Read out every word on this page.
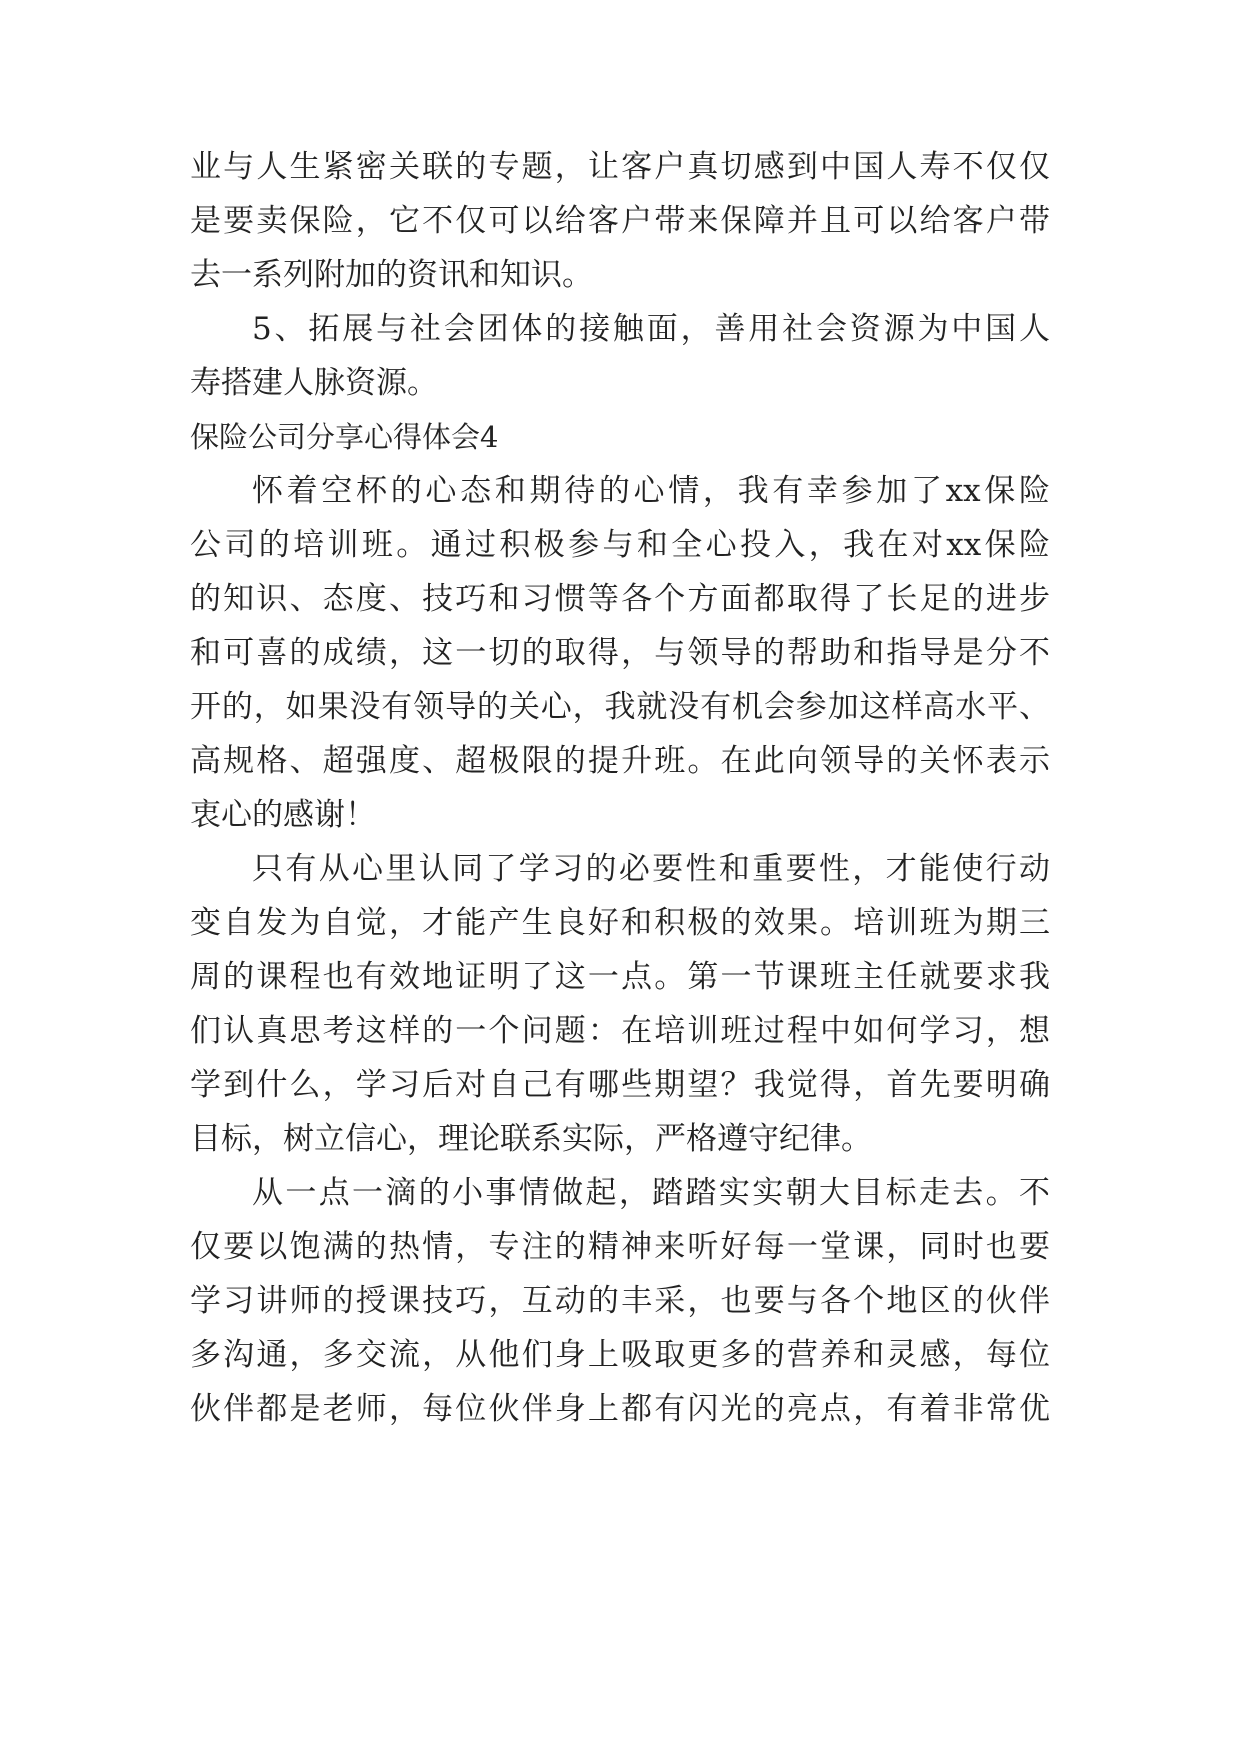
业与人生紧密关联的专题，让客户真切感到中国人寿不仅仅
是要卖保险，它不仅可以给客户带来保障并且可以给客户带
去一系列附加的资讯和知识。
5、拓展与社会团体的接触面，善用社会资源为中国人
寿搭建人脉资源。
保险公司分享心得体会4
怀着空杯的心态和期待的心情，我有幸参加了xx保险
公司的培训班。通过积极参与和全心投入，我在对xx保险
的知识、态度、技巧和习惯等各个方面都取得了长足的进步
和可喜的成绩，这一切的取得，与领导的帮助和指导是分不
开的，如果没有领导的关心，我就没有机会参加这样高水平、
高规格、超强度、超极限的提升班。在此向领导的关怀表示
衷心的感谢！
只有从心里认同了学习的必要性和重要性，才能使行动
变自发为自觉，才能产生良好和积极的效果。培训班为期三
周的课程也有效地证明了这一点。第一节课班主任就要求我
们认真思考这样的一个问题：在培训班过程中如何学习，想
学到什么，学习后对自己有哪些期望？我觉得，首先要明确
目标，树立信心，理论联系实际，严格遵守纪律。
从一点一滴的小事情做起，踏踏实实朝大目标走去。不
仅要以饱满的热情，专注的精神来听好每一堂课，同时也要
学习讲师的授课技巧，互动的丰采，也要与各个地区的伙伴
多沟通，多交流，从他们身上吸取更多的营养和灵感，每位
伙伴都是老师，每位伙伴身上都有闪光的亮点，有着非常优
